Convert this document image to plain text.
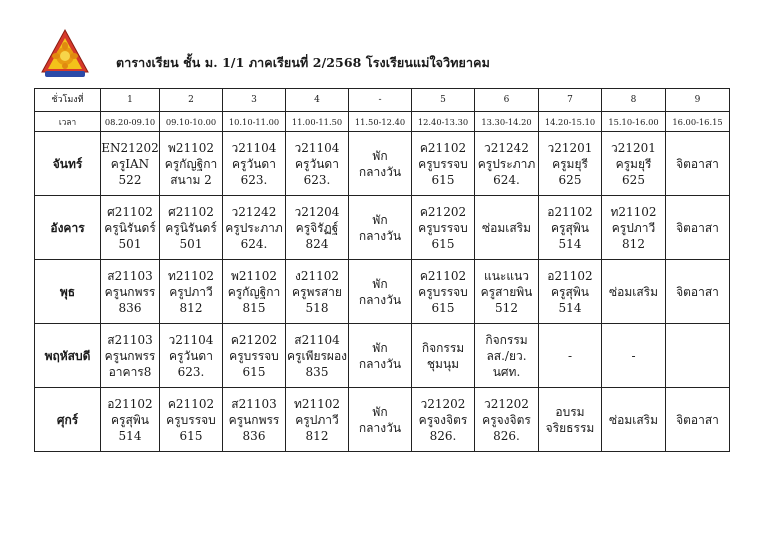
ตารางเรียน ชั้น ม. 1/1 ภาคเรียนที่ 2/2568 โรงเรียนแม่ใจวิทยาคม
ชั่วโมงที่	1	2	3	4	-	5	6	7	8	9
เวลา	08.20-09.10	09.10-10.00	10.10-11.00	11.00-11.50	11.50-12.40	12.40-13.30	13.30-14.20	14.20-15.10	15.10-16.00	16.00-16.15
จันทร์	EN21202
ครูIAN
522	พ21102
ครูกัญฐิกา
สนาม 2	ว21104
ครูวันดา
623.	ว21104
ครูวันดา
623.	พัก
กลางวัน	ค21102
ครูบรรจบ
615	ว21242
ครูประภาภ
624.	ว21201
ครูมยุรี
625	ว21201
ครูมยุรี
625	จิตอาสา

อังคาร	ศ21102
ครูนิรันดร์
501	ศ21102
ครูนิรันดร์
501	ว21242
ครูประภาภ
624.	ว21204
ครูจิรัฏฐ์
824	พัก
กลางวัน	ค21202
ครูบรรจบ
615	ซ่อมเสริม	อ21102
ครูสุพิน
514	ท21102
ครูปภาวี
812	จิตอาสา

พุธ	ส21103
ครูนกพรร
836	ท21102
ครูปภาวี
812	พ21102
ครูกัญฐิกา
815	ง21102
ครูพรสาย
518	พัก
กลางวัน	ค21102
ครูบรรจบ
615	แนะแนว
ครูสายพิน
512	อ21102
ครูสุพิน
514	ซ่อมเสริม	จิตอาสา

พฤหัสบดี	ส21103
ครูนกพรร
อาคาร8	ว21104
ครูวันดา
623.	ค21202
ครูบรรจบ
615	ส21104
ครูเพียรผอง
835	พัก
กลางวัน	กิจกรรม
ชุมนุม	กิจกรรม
ลส./ยว.
นศท.	-	-	

ศุกร์	อ21102
ครูสุพิน
514	ค21102
ครูบรรจบ
615	ส21103
ครูนกพรร
836	ท21102
ครูปภาวี
812	พัก
กลางวัน	ว21202
ครูจงจิตร
826.	ว21202
ครูจงจิตร
826.	อบรม
จริยธรรม	ซ่อมเสริม	จิตอาสา
